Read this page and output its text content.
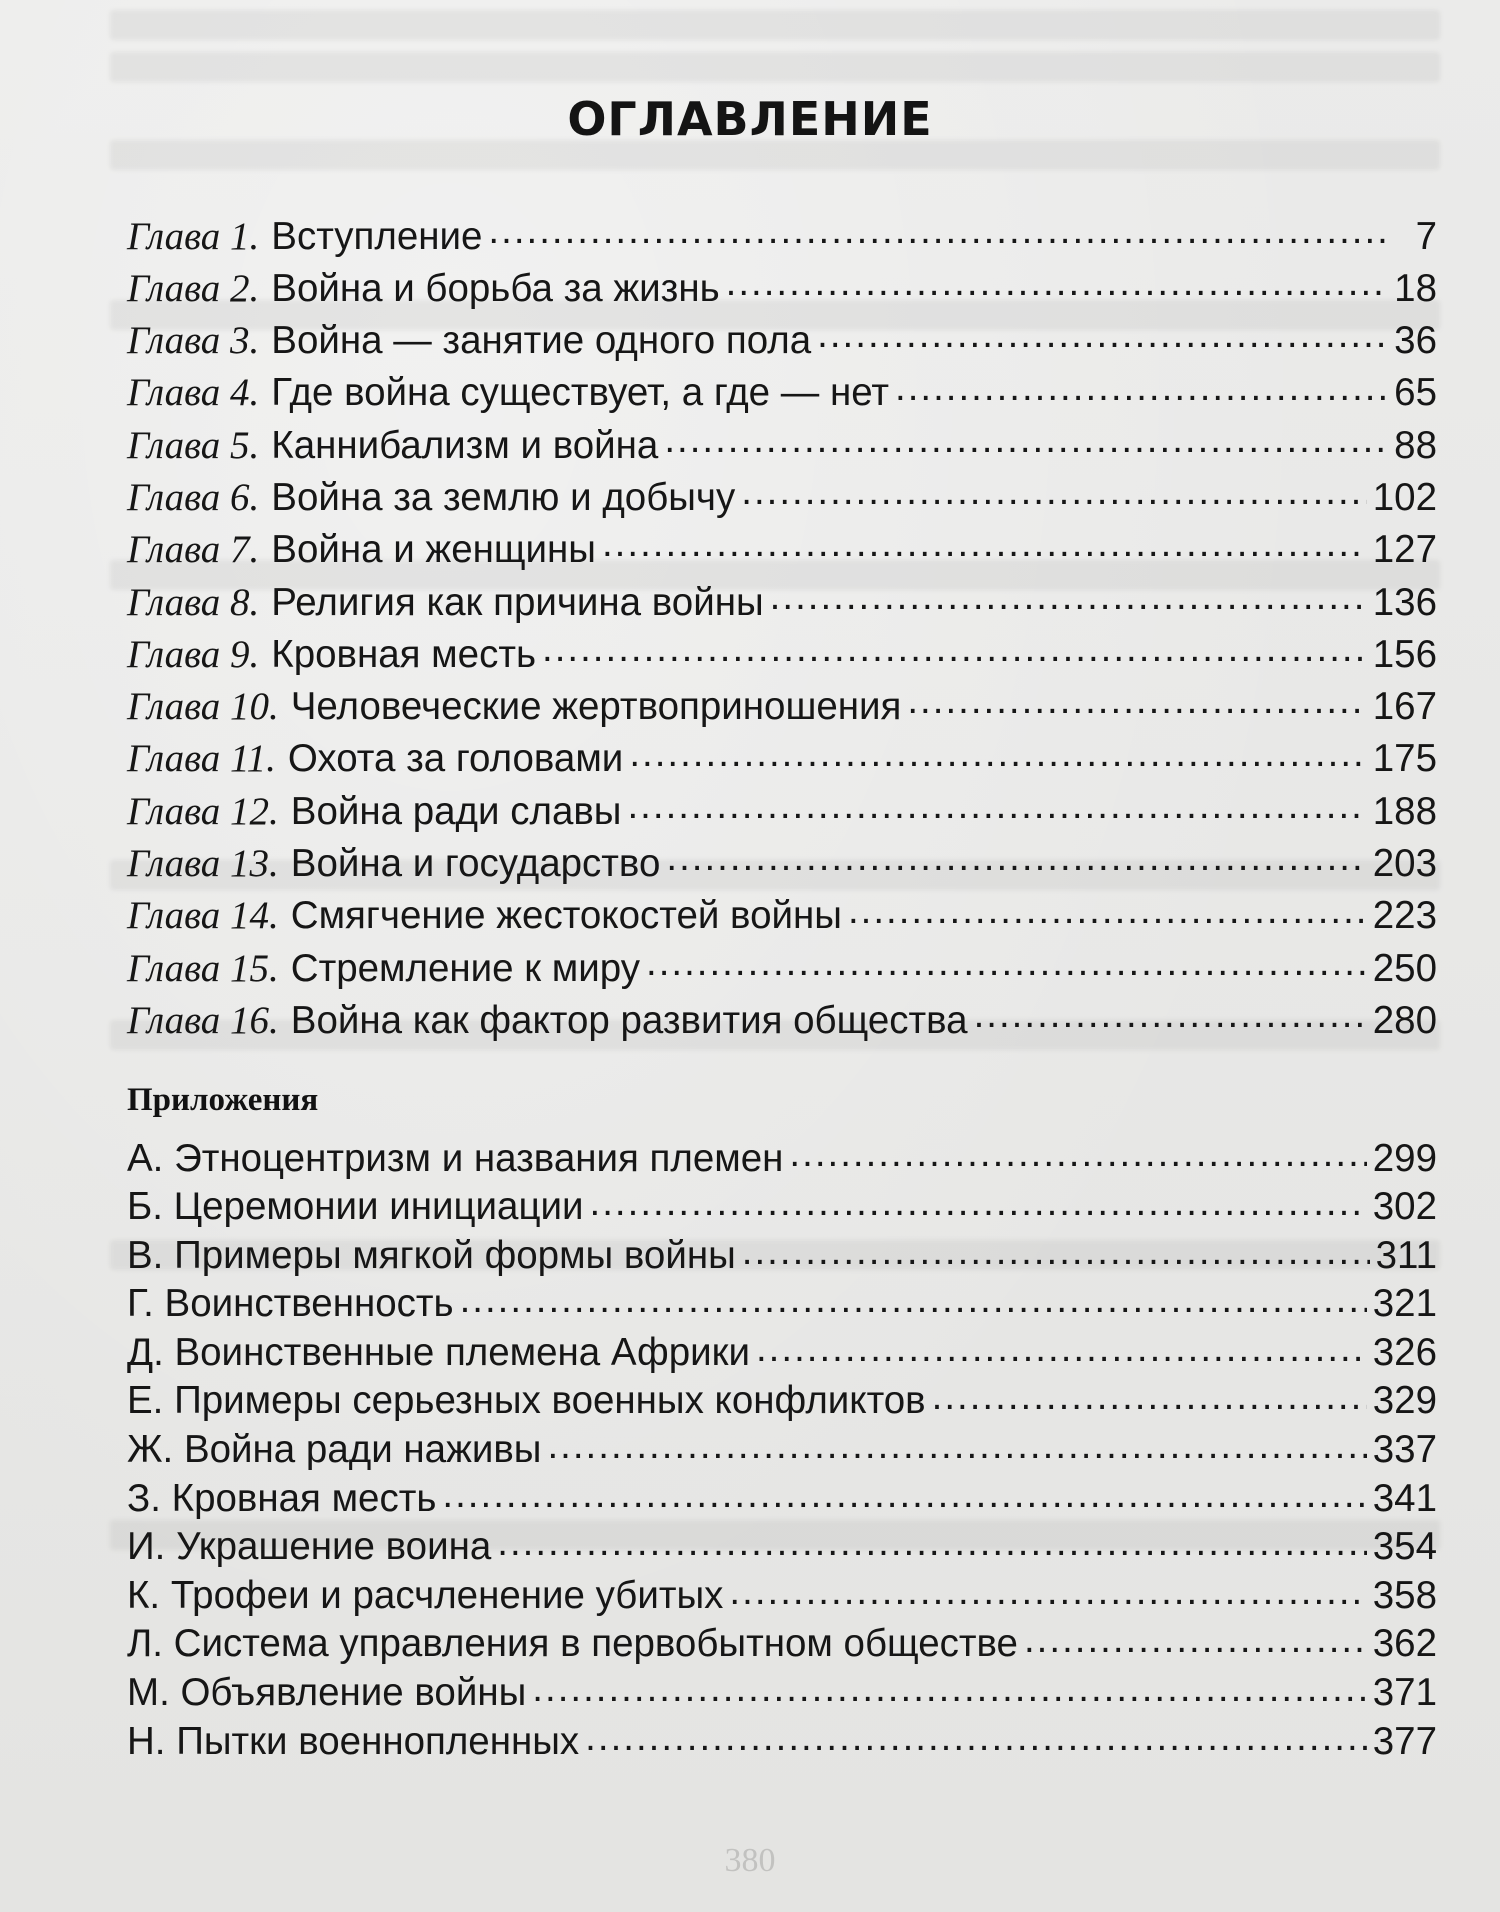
ОГЛАВЛЕНИЕ
Глава 1. Вступление .....	7
Глава 2. Война и борьба за жизнь .....	18
Глава 3. Война — занятие одного пола .....	36
Глава 4. Где война существует, а где — нет .....	65
Глава 5. Каннибализм и война .....	88
Глава 6. Война за землю и добычу .....	102
Глава 7. Война и женщины .....	127
Глава 8. Религия как причина войны .....	136
Глава 9. Кровная месть .....	156
Глава 10. Человеческие жертвоприношения .....	167
Глава 11. Охота за головами .....	175
Глава 12. Война ради славы .....	188
Глава 13. Война и государство .....	203
Глава 14. Смягчение жестокостей войны .....	223
Глава 15. Стремление к миру .....	250
Глава 16. Война как фактор развития общества .....	280
Приложения
А. Этноцентризм и названия племен .....	299
Б. Церемонии инициации .....	302
В. Примеры мягкой формы войны .....	311
Г. Воинственность .....	321
Д. Воинственные племена Африки .....	326
Е. Примеры серьезных военных конфликтов .....	329
Ж. Война ради наживы .....	337
З. Кровная месть .....	341
И. Украшение воина .....	354
К. Трофеи и расчленение убитых .....	358
Л. Система управления в первобытном обществе .....	362
М. Объявление войны .....	371
Н. Пытки военнопленных .....	377
380
